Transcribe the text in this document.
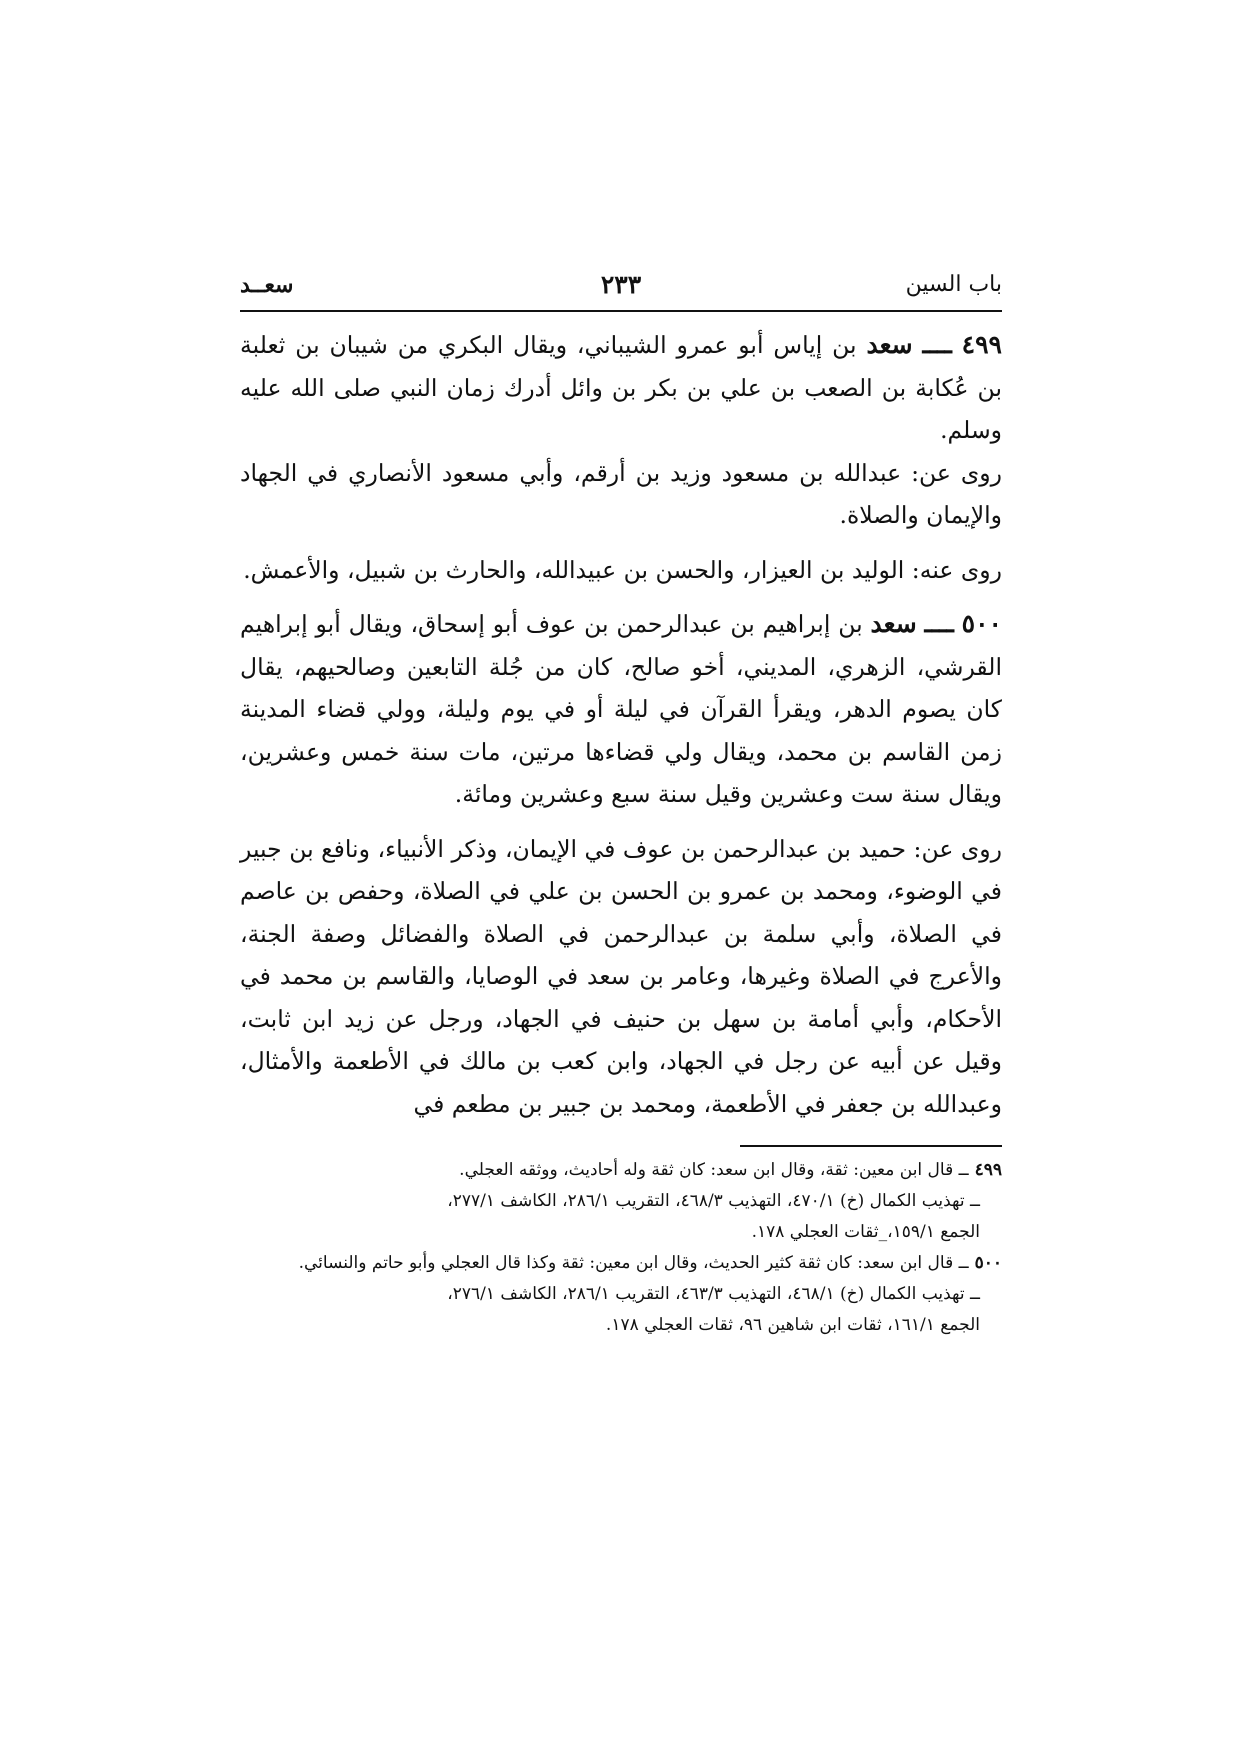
باب السين
٢٣٣
سعــد

٤٩٩ ــــ سعد بن إياس أبو عمرو الشيباني، ويقال البكري من شيبان بن ثعلبة بن عُكابة بن الصعب بن علي بن بكر بن وائل أدرك زمان النبي صلى الله عليه وسلم.

روى عن: عبدالله بن مسعود وزيد بن أرقم، وأبي مسعود الأنصاري في الجهاد والإيمان والصلاة.

روى عنه: الوليد بن العيزار، والحسن بن عبيدالله، والحارث بن شبيل، والأعمش.

٥٠٠ ــــ سعد بن إبراهيم بن عبدالرحمن بن عوف أبو إسحاق، ويقال أبو إبراهيم القرشي، الزهري، المديني، أخو صالح، كان من جُلة التابعين وصالحيهم، يقال كان يصوم الدهر، ويقرأ القرآن في ليلة أو في يوم وليلة، وولي قضاء المدينة زمن القاسم بن محمد، ويقال ولي قضاءها مرتين، مات سنة خمس وعشرين، ويقال سنة ست وعشرين وقيل سنة سبع وعشرين ومائة.

روى عن: حميد بن عبدالرحمن بن عوف في الإيمان، وذكر الأنبياء، ونافع بن جبير في الوضوء، ومحمد بن عمرو بن الحسن بن علي في الصلاة، وحفص بن عاصم في الصلاة، وأبي سلمة بن عبدالرحمن في الصلاة والفضائل وصفة الجنة، والأعرج في الصلاة وغيرها، وعامر بن سعد في الوصايا، والقاسم بن محمد في الأحكام، وأبي أمامة بن سهل بن حنيف في الجهاد، ورجل عن زيد ابن ثابت، وقيل عن أبيه عن رجل في الجهاد، وابن كعب بن مالك في الأطعمة والأمثال، وعبدالله بن جعفر في الأطعمة، ومحمد بن جبير بن مطعم في

٤٩٩ــ قال ابن معين: ثقة، وقال ابن سعد: كان ثقة وله أحاديث، ووثقه العجلي.
ــ تهذيب الكمال (خ) ٤٧٠/١، التهذيب ٤٦٨/٣، التقريب ٢٨٦/١، الكاشف ٢٧٧/١،
الجمع ١٥٩/١،_ثقات العجلي ١٧٨.
٥٠٠ــ قال ابن سعد: كان ثقة كثير الحديث، وقال ابن معين: ثقة وكذا قال العجلي وأبو حاتم والنسائي.
ــ تهذيب الكمال (خ) ٤٦٨/١، التهذيب ٤٦٣/٣، التقريب ٢٨٦/١، الكاشف ٢٧٦/١،
الجمع ١٦١/١، ثقات ابن شاهين ٩٦، ثقات العجلي ١٧٨.
